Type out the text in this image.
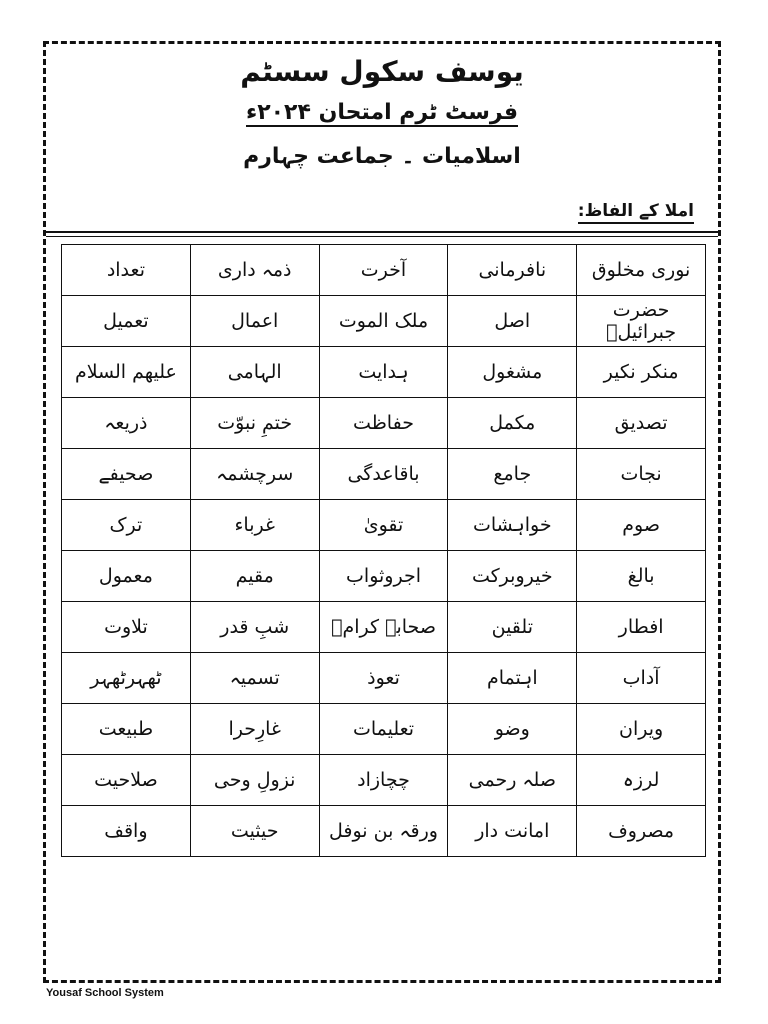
یوسف سکول سسٹم
فرسٹ ٹرم امتحان ۲۰۲۴ء
اسلامیات ۔ جماعت چہارم
املا کے الفاظ:
نوری مخلوق	نافرمانی	آخرت	ذمہ داری	تعداد
حضرت جبرائیلؑ	اصل	ملک الموت	اعمال	تعمیل
منکر نکیر	مشغول	ہدایت	الہامی	علیھم السلام
تصدیق	مکمل	حفاظت	ختمِ نبوّت	ذریعہ
نجات	جامع	باقاعدگی	سرچشمہ	صحیفے
صوم	خواہشات	تقویٰ	غرباء	ترک
بالغ	خیروبرکت	اجروثواب	مقیم	معمول
افطار	تلقین	صحابہ کرامؓ	شبِ قدر	تلاوت
آداب	اہتمام	تعوذ	تسمیہ	ٹھہرٹھہر
ویران	وضو	تعلیمات	غارِحرا	طبیعت
لرزہ	صلہ رحمی	چچازاد	نزولِ وحی	صلاحیت
مصروف	امانت دار	ورقہ بن نوفل	حیثیت	واقف
Yousaf School System
